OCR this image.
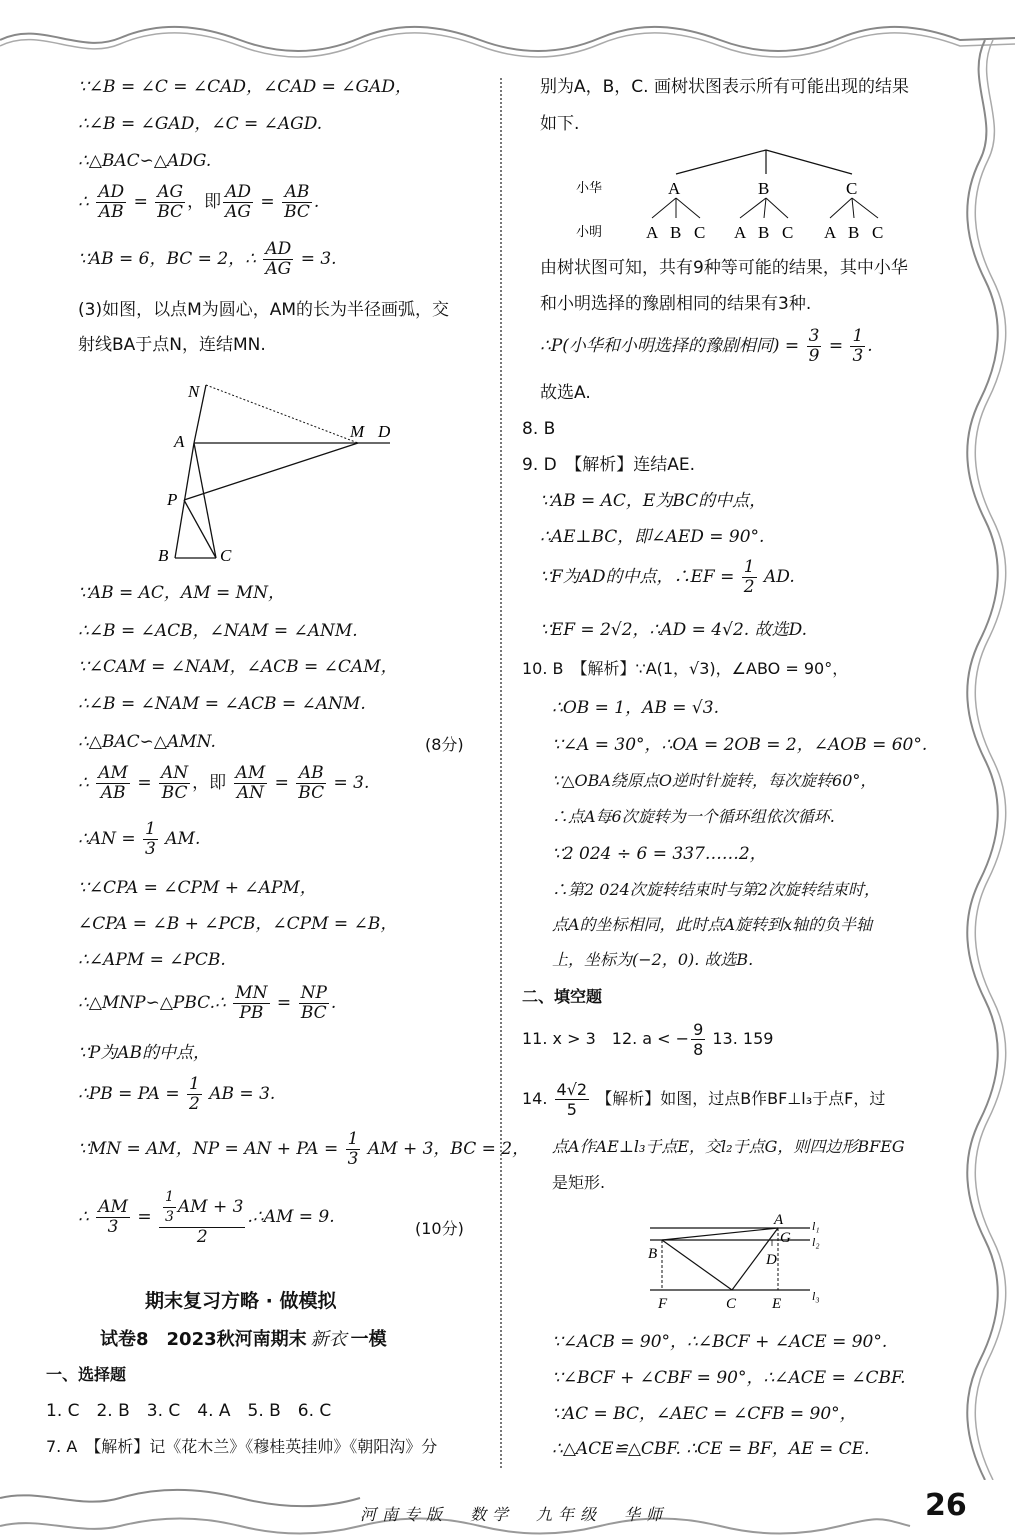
∵∠B = ∠C = ∠CAD，∠CAD = ∠GAD，
∴∠B = ∠GAD，∠C = ∠AGD.
∴△BAC∽△ADG.
∴ $\frac{AD}{AB} = \frac{AG}{BC}$ ，即 $\frac{AD}{AG} = \frac{AB}{BC}$ .
∵AB = 6，BC = 2，∴ $\frac{AD}{AG} = 3$.
(3)如图，以点M为圆心，AM的长为半径画弧，交
射线BA于点N，连结MN.
N
A
M D
P
B	C
∵AB = AC，AM = MN，
∴∠B = ∠ACB，∠NAM = ∠ANM.
∵∠CAM = ∠NAM，∠ACB = ∠CAM，
∴∠B = ∠NAM = ∠ACB = ∠ANM.
∴△BAC∽△AMN.	(8分)
∴ $\frac{AM}{AB} = \frac{AN}{BC}$ ，即 $\frac{AM}{AN} = \frac{AB}{BC} = 3$.
∴AN = $\frac{1}{3}$ AM.
∵∠CPA = ∠CPM + ∠APM，
∠CPA = ∠B + ∠PCB，∠CPM = ∠B，
∴∠APM = ∠PCB.
∴△MNP∽△PBC.∴ $\frac{MN}{PB} = \frac{NP}{BC}$ .
∵P为AB的中点，
∴PB = PA = $\frac{1}{2}$ AB = 3.
∵MN = AM，NP = AN + PA = $\frac{1}{3}$ AM + 3，BC = 2，
∴ $\frac{AM}{3} = \frac{\frac{1}{3} AM + 3}{2}$ .∴AM = 9.
(10分)
期末复习方略 · 做模拟
试卷8　2023秋河南期末 新衣 一模
一、选择题
1. C　2. B　3. C　4. A　5. B　6. C
7. A　【解析】记《花木兰》《穆桂英挂帅》《朝阳沟》分
别为A，B，C. 画树状图表示所有可能出现的结果
如下.
小华	A	B	C
小明	A B C A B C A B C
由树状图可知，共有9种等可能的结果，其中小华
和小明选择的豫剧相同的结果有3种.
∴P(小华和小明选择的豫剧相同) = $\frac{3}{9} = \frac{1}{3}$ .
故选A.
8. B
9. D　【解析】连结AE.
∵AB = AC，E为BC的中点，
∴AE⊥BC，即∠AED = 90°.
∵F为AD的中点，∴EF = $\frac{1}{2}$ AD.
∵EF = 2√2，∴AD = 4√2. 故选D.
10. B　【解析】∵A(1，√3)，∠ABO = 90°，
∴OB = 1，AB = √3.
∵∠A = 30°，∴OA = 2OB = 2，∠AOB = 60°.
∵△OBA绕原点O逆时针旋转，每次旋转60°，
∴点A每6次旋转为一个循环组依次循环.
∵2 024 ÷ 6 = 337……2，
∴第2 024次旋转结束时与第2次旋转结束时，
点A的坐标相同，此时点A旋转到x轴的负半轴
上，坐标为(−2，0). 故选B.
二、填空题
11. x > 3　12. a < − $\frac{9}{8} 13$. 159
14. $\frac{4√2}{5}$ 【解析】如图，过点B作BF⊥l₃于点F，过
点A作AE⊥l₃于点E，交l₂于点G，则四边形BFEG
是矩形.
A
G
B	D
F	C E
l₁
l₂
l₃
∵∠ACB = 90°，∴∠BCF + ∠ACE = 90°.
∵∠BCF + ∠CBF = 90°，∴∠ACE = ∠CBF.
∵AC = BC，∠AEC = ∠CFB = 90°，
∴△ACE≌△CBF. ∴CE = BF，AE = CE.
河南专版　数学　九年级　华师	26
